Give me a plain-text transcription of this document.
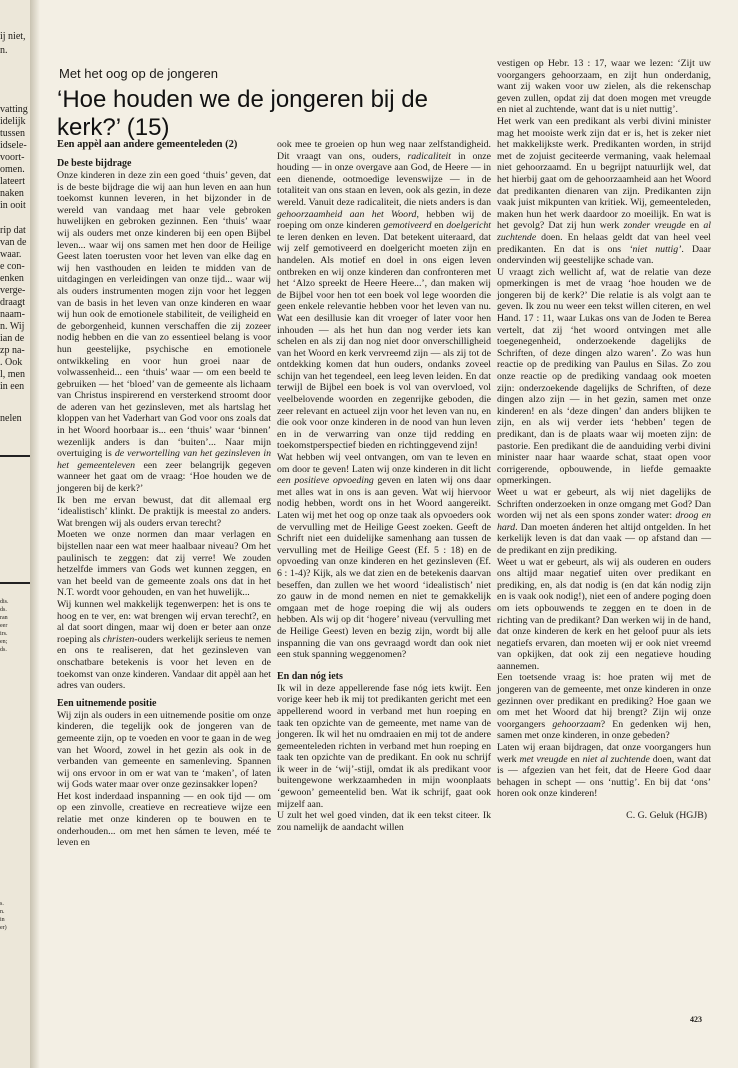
ij niet,
n.
vatting
idelijk
tussen
idsele-
voort-
omen.
lateert
naken
in ooit
rip dat
van de
waar.
e con-
enken
verge-
draagt
naam-
n. Wij
ian de
zp na-
. Ook
l, men
in een
nelen
dis.
ds.
ran
eer
irs.
en;
ds.
s.
n.
in
er)
Met het oog op de jongeren
‘Hoe houden we de jongeren bij de kerk?’ (15)
Een appèl aan andere gemeenteleden (2)
De beste bijdrage

Onze kinderen in deze zin een goed ‘thuis’ geven, dat is de beste bijdrage die wij aan hun leven en aan hun toekomst kunnen leveren, in het bijzonder in de wereld van vandaag met haar vele gebroken huwelijken en gebroken gezinnen. Een ‘thuis’ waar wij als ouders met onze kinderen bij een open Bijbel leven... waar wij ons samen met hen door de Heilige Geest laten toerusten voor het leven van elke dag en wij hen vasthouden en leiden te midden van de uitdagingen en verleidingen van onze tijd... waar wij als ouders instrumenten mogen zijn voor het leggen van de basis in het leven van onze kinderen en waar wij hun ook de emotionele stabiliteit, de veiligheid en de geborgenheid, kunnen verschaffen die zij zozeer nodig hebben en die van zo essentieel belang is voor hun geestelijke, psychische en emotionele ontwikkeling en voor hun groei naar de volwassenheid... een ‘thuis’ waar — om een beeld te gebruiken — het ‘bloed’ van de gemeente als lichaam van Christus inspirerend en versterkend stroomt door de aderen van het gezinsleven, met als hartslag het kloppen van het Vaderhart van God voor ons zoals dat in het Woord hoorbaar is... een ‘thuis’ waar ‘binnen’ wezenlijk anders is dan ‘buiten’... Naar mijn overtuiging is de verwortelling van het gezinsleven in het gemeenteleven een zeer belangrijk gegeven wanneer het gaat om de vraag: ‘Hoe houden we de jongeren bij de kerk?’

Ik ben me ervan bewust, dat dit allemaal erg ‘idealistisch’ klinkt. De praktijk is meestal zo anders. Wat brengen wij als ouders ervan terecht?

Moeten we onze normen dan maar verlagen en bijstellen naar een wat meer haalbaar niveau? Om het paulinisch te zeggen: dat zij verre! We zouden hetzelfde immers van Gods wet kunnen zeggen, en van het beeld van de gemeente zoals ons dat in het N.T. wordt voor gehouden, en van het huwelijk...

Wij kunnen wel makkelijk tegenwerpen: het is ons te hoog en te ver, en: wat brengen wij ervan terecht?, en al dat soort dingen, maar wij doen er beter aan onze roeping als christen-ouders werkelijk serieus te nemen en ons te realiseren, dat het gezinsleven van onschatbare betekenis is voor het leven en de toekomst van onze kinderen. Vandaar dit appèl aan het adres van ouders.

Een uitnemende positie

Wij zijn als ouders in een uitnemende positie om onze kinderen, die tegelijk ook de jongeren van de gemeente zijn, op te voeden en voor te gaan in de weg van het Woord, zowel in het gezin als ook in de verbanden van gemeente en samenleving. Spannen wij ons ervoor in om er wat van te ‘maken’, of laten wij Gods water maar over onze gezinsakker lopen?

Het kost inderdaad inspanning — en ook tijd — om op een zinvolle, creatieve en recreatieve wijze een relatie met onze kinderen op te bouwen en te onderhouden... om met hen sámen te leven, méé te leven en

ook mee te groeien op hun weg naar zelfstandigheid. Dit vraagt van ons, ouders, radicaliteit in onze houding — in onze overgave aan God, de Heere — in een dienende, ootmoedige levenswijze — in de totaliteit van ons staan en leven, ook als gezin, in deze wereld. Vanuit deze radicaliteit, die niets anders is dan gehoorzaamheid aan het Woord, hebben wij de roeping om onze kinderen gemotiveerd en doelgericht te leren denken en leven. Dat betekent uiteraard, dat wij zelf gemotiveerd en doelgericht moeten zijn en handelen. Als motief en doel in ons eigen leven ontbreken en wij onze kinderen dan confronteren met het ‘Alzo spreekt de Heere Heere...’, dan maken wij de Bijbel voor hen tot een boek vol lege woorden die geen enkele relevantie hebben voor het leven van nu. Wat een desillusie kan dit vroeger of later voor hen inhouden — als het hun dan nog verder iets kan schelen en als zij dan nog niet door onverschilligheid van het Woord en kerk vervreemd zijn — als zij tot de ontdekking komen dat hun ouders, ondanks zoveel schijn van het tegendeel, een leeg leven leiden. En dat terwijl de Bijbel een boek is vol van overvloed, vol veelbelovende woorden en zegenrijke geboden, die zeer relevant en actueel zijn voor het leven van nu, en die ook voor onze kinderen in de nood van hun leven en in de verwarring van onze tijd redding en toekomstperspectief bieden en richtinggevend zijn!

Wat hebben wij veel ontvangen, om van te leven en om door te geven! Laten wij onze kinderen in dit licht een positieve opvoeding geven en laten wij ons daar met alles wat in ons is aan geven. Wat wij hiervoor nodig hebben, wordt ons in het Woord aangereikt. Laten wij met het oog op onze taak als opvoeders ook de vervulling met de Heilige Geest zoeken. Geeft de Schrift niet een duidelijke samenhang aan tussen de vervulling met de Heilige Geest (Ef. 5 : 18) en de opvoeding van onze kinderen en het gezinsleven (Ef. 6 : 1-4)? Kijk, als we dat zien en de betekenis daarvan beseffen, dan zullen we het woord ‘idealistisch’ niet zo gauw in de mond nemen en niet te gemakkelijk omgaan met de hoge roeping die wij als ouders hebben. Als wij op dit ‘hogere’ niveau (vervulling met de Heilige Geest) leven en bezig zijn, wordt bij alle inspanning die van ons gevraagd wordt dan ook niet een stuk spanning weggenomen?

En dan nóg iets

Ik wil in deze appellerende fase nóg iets kwijt. Een vorige keer heb ik mij tot predikanten gericht met een appellerend woord in verband met hun roeping en taak ten opzichte van de gemeente, met name van de jongeren. Ik wil het nu omdraaien en mij tot de andere gemeenteleden richten in verband met hun roeping en taak ten opzichte van de predikant. En ook nu schrijf ik weer in de ‘wij’-stijl, omdat ik als predikant voor buitengewone werkzaamheden in mijn woonplaats ‘gewoon’ gemeentelid ben. Wat ik schrijf, gaat ook mijzelf aan.

U zult het wel goed vinden, dat ik een tekst citeer. Ik zou namelijk de aandacht willen

vestigen op Hebr. 13 : 17, waar we lezen: ‘Zijt uw voorgangers gehoorzaam, en zijt hun onderdanig, want zij waken voor uw zielen, als die rekenschap geven zullen, opdat zij dat doen mogen met vreugde en niet al zuchtende, want dat is u niet nuttig’.

Het werk van een predikant als verbi divini minister mag het mooiste werk zijn dat er is, het is zeker niet het makkelijkste werk. Predikanten worden, in strijd met de zojuist geciteerde vermaning, vaak helemaal niet gehoorzaamd. En u begrijpt natuurlijk wel, dat het hierbij gaat om de gehoorzaamheid aan het Woord dat predikanten dienaren van zijn. Predikanten zijn vaak juist mikpunten van kritiek. Wij, gemeenteleden, maken hun het werk daardoor zo moeilijk. En wat is het gevolg? Dat zij hun werk zonder vreugde en al zuchtende doen. En helaas geldt dat van heel veel predikanten. En dat is ons ‘niet nuttig’. Daar ondervinden wij geestelijke schade van.

U vraagt zich wellicht af, wat de relatie van deze opmerkingen is met de vraag ‘hoe houden we de jongeren bij de kerk?’ Die relatie is als volgt aan te geven. Ik zou nu weer een tekst willen citeren, en wel Hand. 17 : 11, waar Lukas ons van de Joden te Berea vertelt, dat zij ‘het woord ontvingen met alle toegenegenheid, onderzoekende dagelijks de Schriften, of deze dingen alzo waren’. Zo was hun reactie op de prediking van Paulus en Silas. Zo zou onze reactie op de prediking vandaag ook moeten zijn: onderzoekende dagelijks de Schriften, of deze dingen alzo zijn — in het gezin, samen met onze kinderen! en als ‘deze dingen’ dan anders blijken te zijn, en als wij verder iets ‘hebben’ tegen de predikant, dan is de plaats waar wij moeten zijn: de pastorie. Een predikant die de aanduiding verbi divini minister naar haar waarde schat, staat open voor corrigerende, opbouwende, in liefde gemaakte opmerkingen.

Weet u wat er gebeurt, als wij niet dagelijks de Schriften onderzoeken in onze omgang met God? Dan worden wij net als een spons zonder water: droog en hard. Dan moeten ánderen het altijd ontgelden. In het kerkelijk leven is dat dan vaak — op afstand dan — de predikant en zijn prediking.

Weet u wat er gebeurt, als wij als ouderen en ouders ons altijd maar negatief uiten over predikant en prediking, en, als dat nodig is (en dat kán nodig zijn en is vaak ook nodig!), niet een of andere poging doen om iets opbouwends te zeggen en te doen in de richting van de predikant? Dan werken wij in de hand, dat onze kinderen de kerk en het geloof puur als iets negatiefs ervaren, dan moeten wij er ook niet vreemd van opkijken, dat ook zij een negatieve houding aannemen.

Een toetsende vraag is: hoe praten wij met de jongeren van de gemeente, met onze kinderen in onze gezinnen over predikant en prediking? Hoe gaan we om met het Woord dat hij brengt? Zijn wij onze voorgangers gehoorzaam? En gedenken wij hen, samen met onze kinderen, in onze gebeden?

Laten wij eraan bijdragen, dat onze voorgangers hun werk met vreugde en niet al zuchtende doen, want dat is — afgezien van het feit, dat de Heere God daar behagen in schept — ons ‘nuttig’. En bij dat ‘ons’ horen ook onze kinderen!

C. G. Geluk (HGJB)

423
